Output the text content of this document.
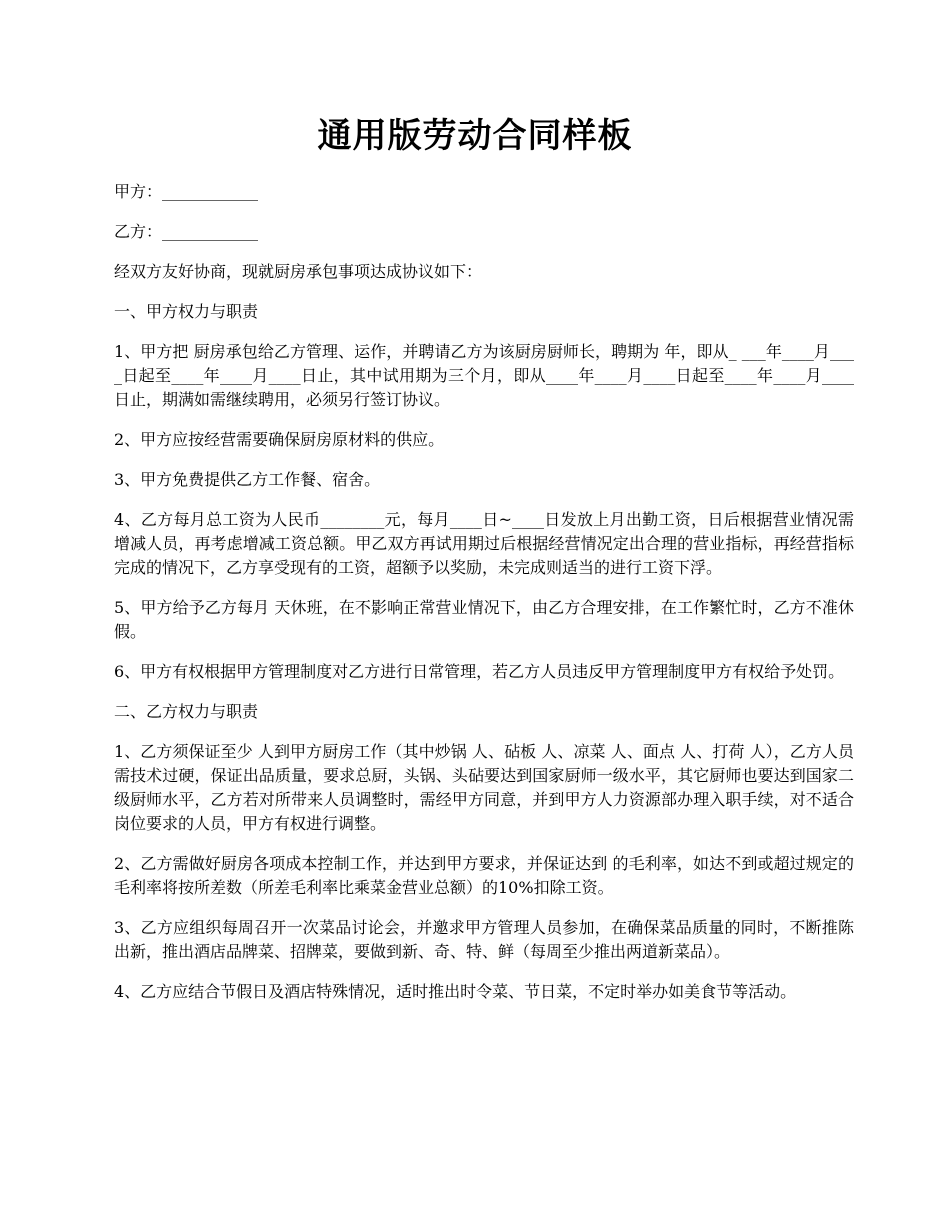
通用版劳动合同样板

甲方：____________

乙方：____________

经双方友好协商，现就厨房承包事项达成协议如下：

一、甲方权力与职责

1、甲方把 厨房承包给乙方管理、运作，并聘请乙方为该厨房厨师长，聘期为 年，即从_ ___年____月____日起至____年____月____日止，其中试用期为三个月，即从____年____月____日起至____年____月____日止，期满如需继续聘用，必须另行签订协议。

2、甲方应按经营需要确保厨房原材料的供应。

3、甲方免费提供乙方工作餐、宿舍。

4、乙方每月总工资为人民币________元，每月____日~____日发放上月出勤工资，日后根据营业情况需增减人员，再考虑增减工资总额。甲乙双方再试用期过后根据经营情况定出合理的营业指标，再经营指标完成的情况下，乙方享受现有的工资，超额予以奖励，未完成则适当的进行工资下浮。

5、甲方给予乙方每月 天休班，在不影响正常营业情况下，由乙方合理安排，在工作繁忙时，乙方不准休假。

6、甲方有权根据甲方管理制度对乙方进行日常管理，若乙方人员违反甲方管理制度甲方有权给予处罚。

二、乙方权力与职责

1、乙方须保证至少 人到甲方厨房工作（其中炒锅 人、砧板 人、凉菜 人、面点 人、打荷 人），乙方人员需技术过硬，保证出品质量，要求总厨，头锅、头砧要达到国家厨师一级水平，其它厨师也要达到国家二级厨师水平，乙方若对所带来人员调整时，需经甲方同意，并到甲方人力资源部办理入职手续，对不适合岗位要求的人员，甲方有权进行调整。

2、乙方需做好厨房各项成本控制工作，并达到甲方要求，并保证达到 的毛利率，如达不到或超过规定的毛利率将按所差数（所差毛利率比乘菜金营业总额）的10%扣除工资。

3、乙方应组织每周召开一次菜品讨论会，并邀求甲方管理人员参加，在确保菜品质量的同时，不断推陈出新，推出酒店品牌菜、招牌菜，要做到新、奇、特、鲜（每周至少推出两道新菜品）。

4、乙方应结合节假日及酒店特殊情况，适时推出时令菜、节日菜，不定时举办如美食节等活动。
